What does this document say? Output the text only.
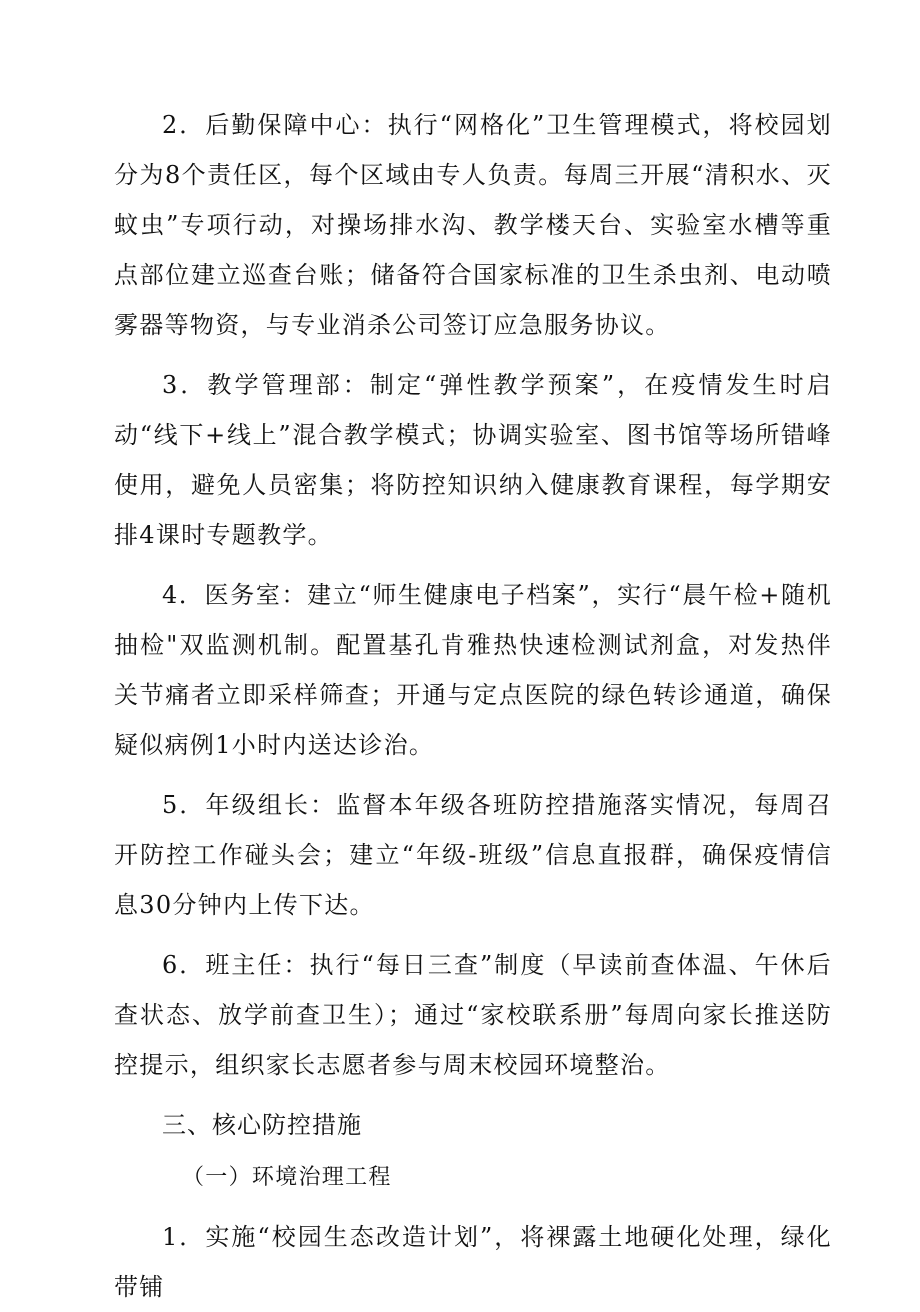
2．后勤保障中心：执行“网格化”卫生管理模式，将校园划分为8个责任区，每个区域由专人负责。每周三开展“清积水、灭蚊虫”专项行动，对操场排水沟、教学楼天台、实验室水槽等重点部位建立巡查台账；储备符合国家标准的卫生杀虫剂、电动喷雾器等物资，与专业消杀公司签订应急服务协议。

3．教学管理部：制定“弹性教学预案”，在疫情发生时启动“线下+线上”混合教学模式；协调实验室、图书馆等场所错峰使用，避免人员密集；将防控知识纳入健康教育课程，每学期安排4课时专题教学。

4．医务室：建立“师生健康电子档案”，实行“晨午检+随机抽检"双监测机制。配置基孔肯雅热快速检测试剂盒，对发热伴关节痛者立即采样筛查；开通与定点医院的绿色转诊通道，确保疑似病例1小时内送达诊治。

5．年级组长：监督本年级各班防控措施落实情况，每周召开防控工作碰头会；建立“年级-班级”信息直报群，确保疫情信息30分钟内上传下达。

6．班主任：执行“每日三查”制度（早读前查体温、午休后查状态、放学前查卫生）；通过“家校联系册”每周向家长推送防控提示，组织家长志愿者参与周末校园环境整治。

三、核心防控措施
（一）环境治理工程

1．实施“校园生态改造计划”，将裸露土地硬化处理，绿化带铺
